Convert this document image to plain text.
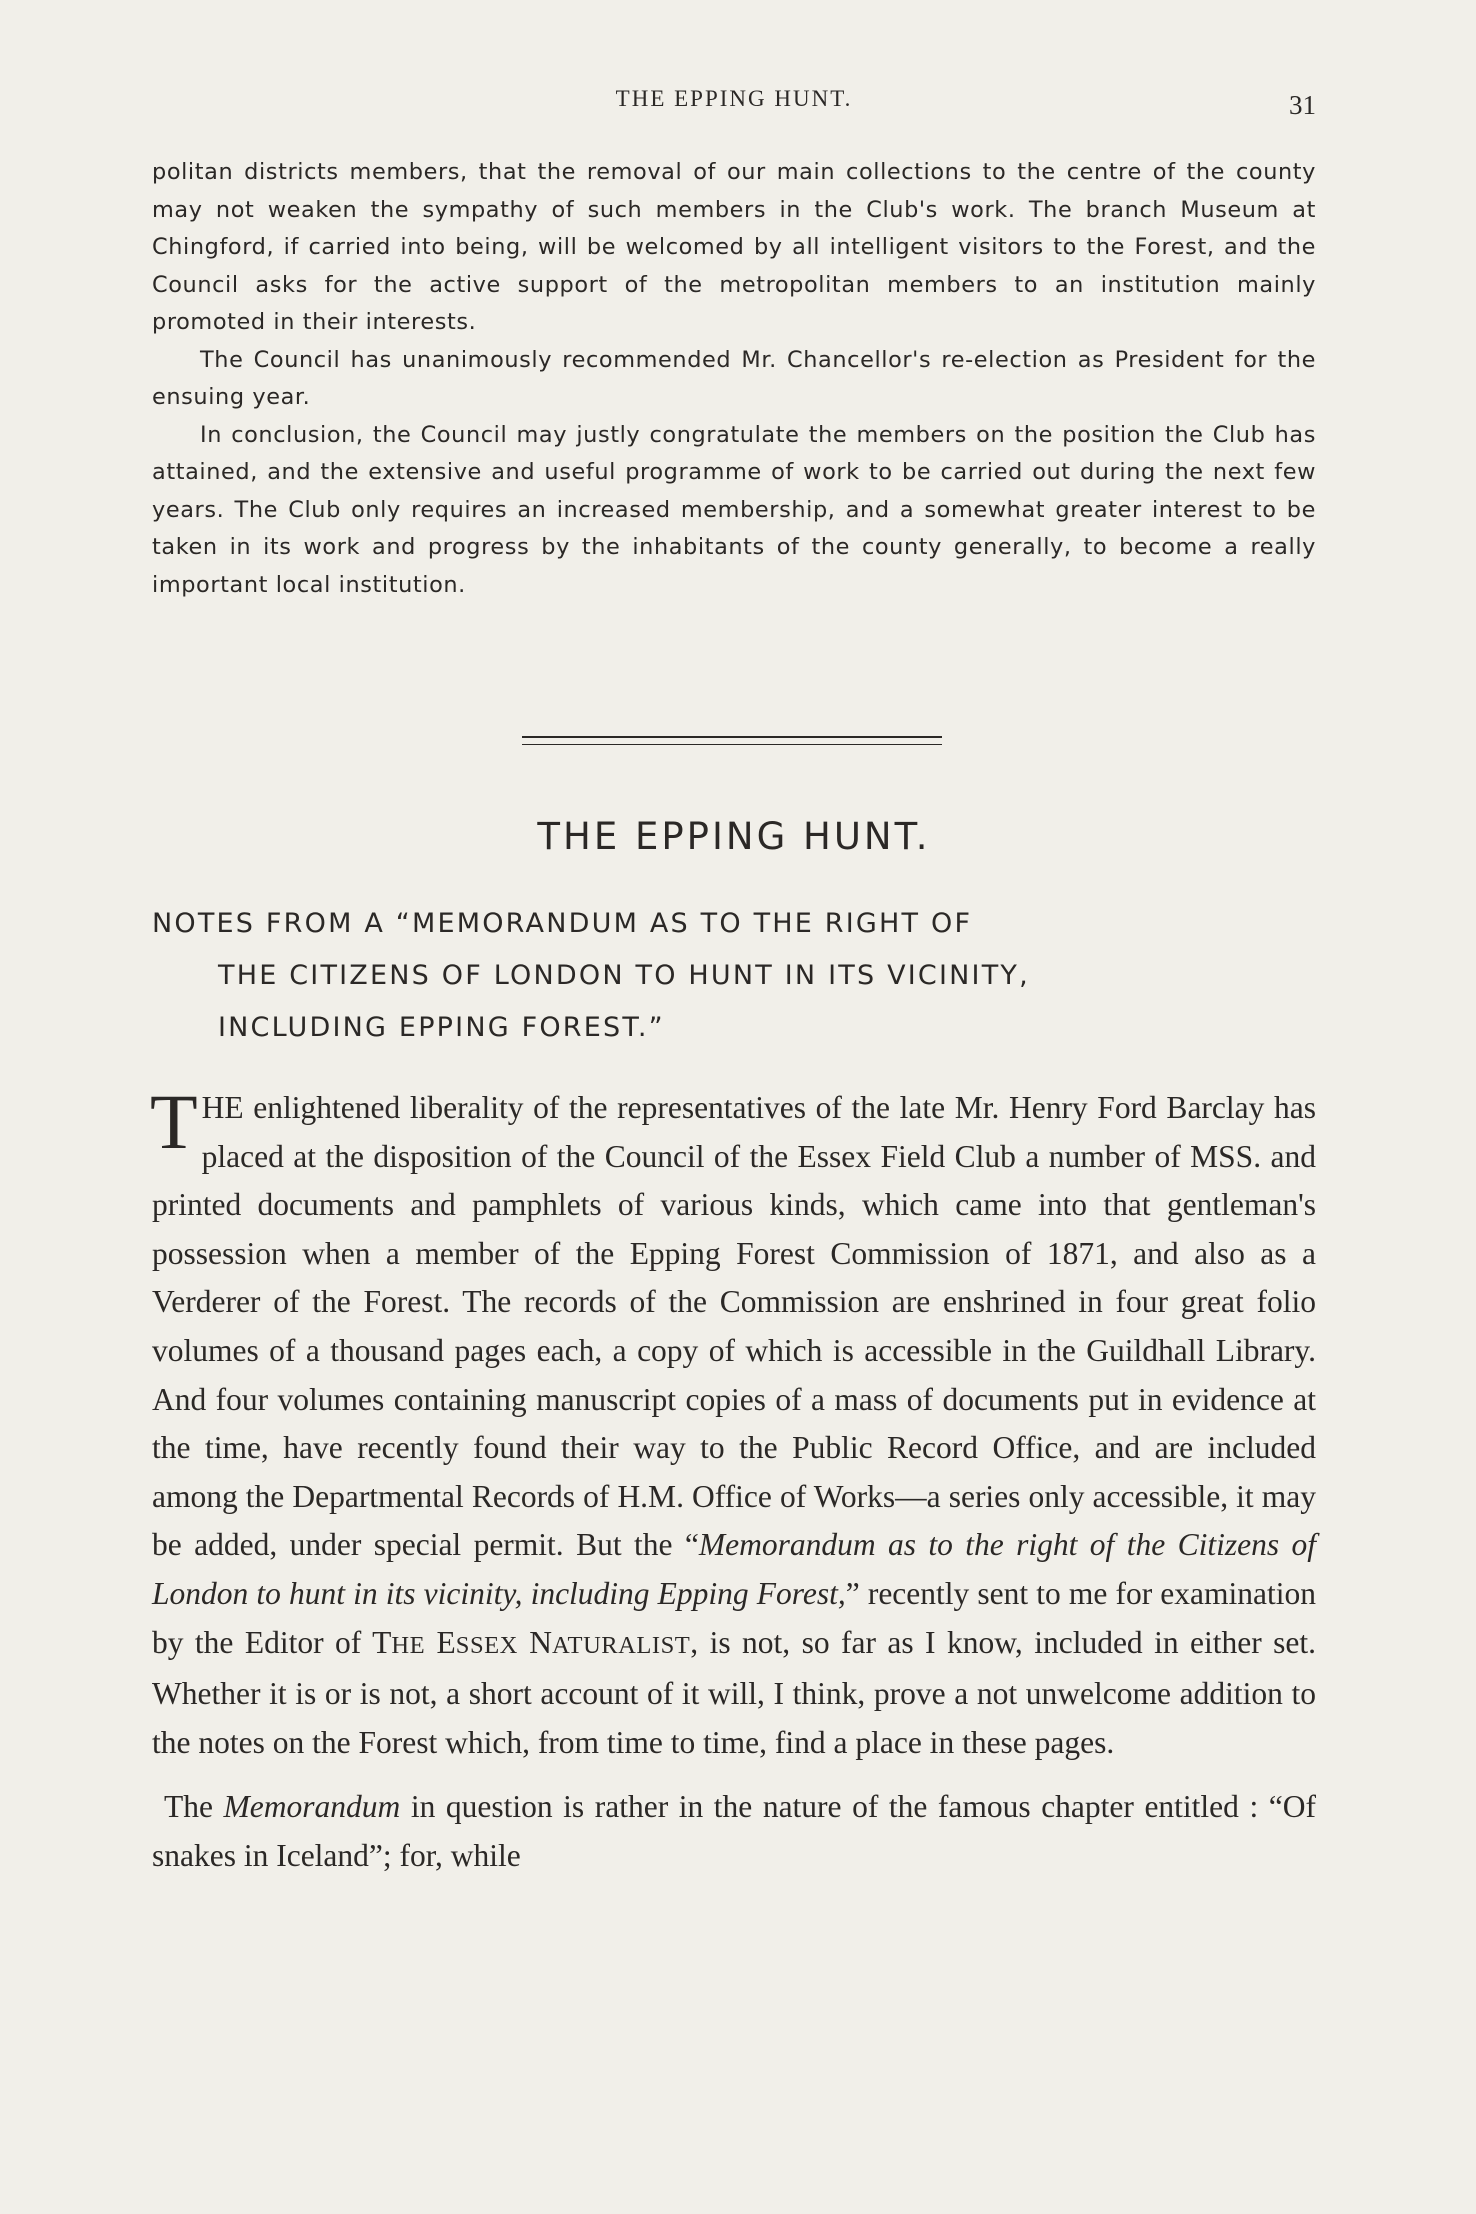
THE EPPING HUNT.	31

politan districts members, that the removal of our main collections to the centre of the county may not weaken the sympathy of such members in the Club's work. The branch Museum at Chingford, if carried into being, will be welcomed by all intelligent visitors to the Forest, and the Council asks for the active support of the metropolitan members to an institution mainly promoted in their interests.

The Council has unanimously recommended Mr. Chancellor's re-election as President for the ensuing year.

In conclusion, the Council may justly congratulate the members on the position the Club has attained, and the extensive and useful programme of work to be carried out during the next few years. The Club only requires an increased membership, and a somewhat greater interest to be taken in its work and progress by the inhabitants of the county generally, to become a really important local institution.

THE EPPING HUNT.
NOTES FROM A “MEMORANDUM AS TO THE RIGHT OF
THE CITIZENS OF LONDON TO HUNT IN ITS VICINITY,
INCLUDING EPPING FOREST.”

THE enlightened liberality of the representatives of the late Mr. Henry Ford Barclay has placed at the disposition of the Council of the Essex Field Club a number of MSS. and printed documents and pamphlets of various kinds, which came into that gentleman's possession when a member of the Epping Forest Commission of 1871, and also as a Verderer of the Forest. The records of the Commission are enshrined in four great folio volumes of a thousand pages each, a copy of which is accessible in the Guildhall Library. And four volumes containing manuscript copies of a mass of documents put in evidence at the time, have recently found their way to the Public Record Office, and are included among the Departmental Records of H.M. Office of Works—a series only accessible, it may be added, under special permit. But the “Memorandum as to the right of the Citizens of London to hunt in its vicinity, including Epping Forest,” recently sent to me for examination by the Editor of THE ESSEX NATURALIST, is not, so far as I know, included in either set. Whether it is or is not, a short account of it will, I think, prove a not unwelcome addition to the notes on the Forest which, from time to time, find a place in these pages.

The Memorandum in question is rather in the nature of the famous chapter entitled : “Of snakes in Iceland”; for, while
